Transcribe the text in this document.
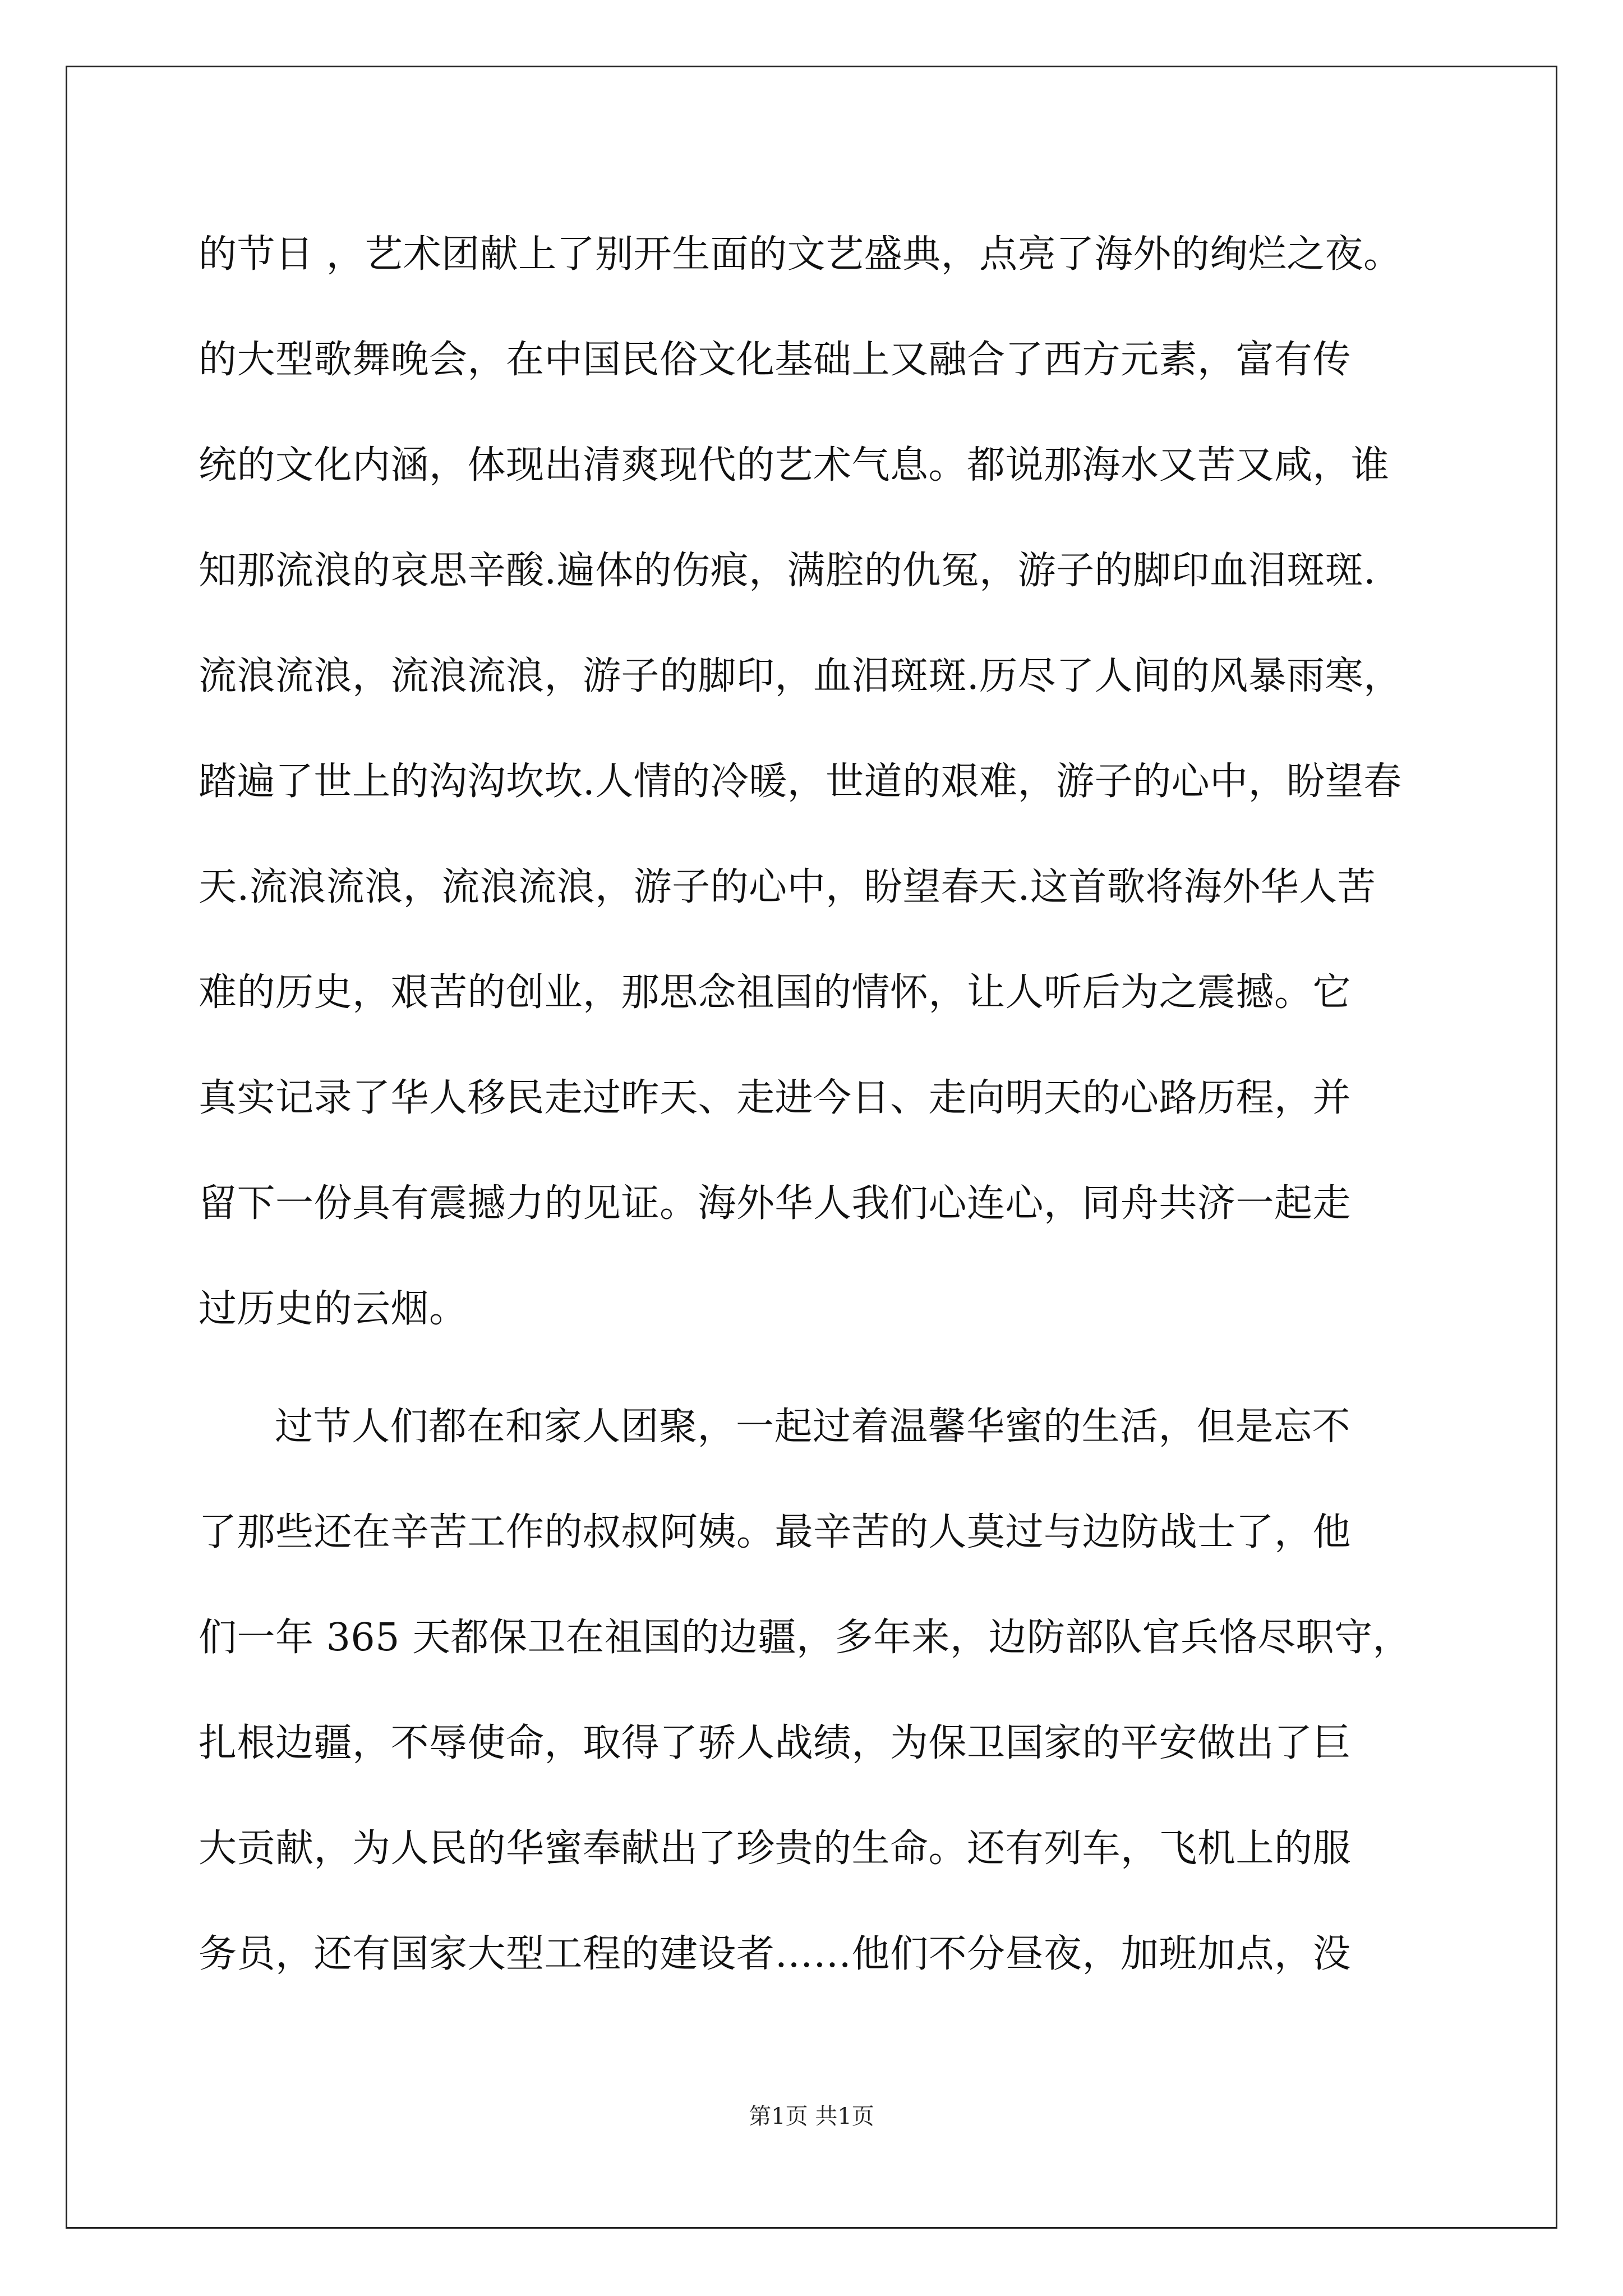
的节日 ，艺术团献上了别开生面的文艺盛典，点亮了海外的绚烂之夜。
的大型歌舞晚会，在中国民俗文化基础上又融合了西方元素，富有传
统的文化内涵，体现出清爽现代的艺术气息。都说那海水又苦又咸，谁
知那流浪的哀思辛酸.遍体的伤痕，满腔的仇冤，游子的脚印血泪斑斑.
流浪流浪，流浪流浪，游子的脚印，血泪斑斑.历尽了人间的风暴雨寒，
踏遍了世上的沟沟坎坎.人情的冷暖，世道的艰难，游子的心中，盼望春
天.流浪流浪，流浪流浪，游子的心中，盼望春天.这首歌将海外华人苦
难的历史，艰苦的创业，那思念祖国的情怀，让人听后为之震撼。它
真实记录了华人移民走过昨天、走进今日、走向明天的心路历程，并
留下一份具有震撼力的见证。海外华人我们心连心，同舟共济一起走
过历史的云烟。
过节人们都在和家人团聚，一起过着温馨华蜜的生活，但是忘不
了那些还在辛苦工作的叔叔阿姨。最辛苦的人莫过与边防战士了，他
们一年 365 天都保卫在祖国的边疆，多年来，边防部队官兵恪尽职守，
扎根边疆，不辱使命，取得了骄人战绩，为保卫国家的平安做出了巨
大贡献，为人民的华蜜奉献出了珍贵的生命。还有列车，飞机上的服
务员，还有国家大型工程的建设者……他们不分昼夜，加班加点，没
第1页 共1页
